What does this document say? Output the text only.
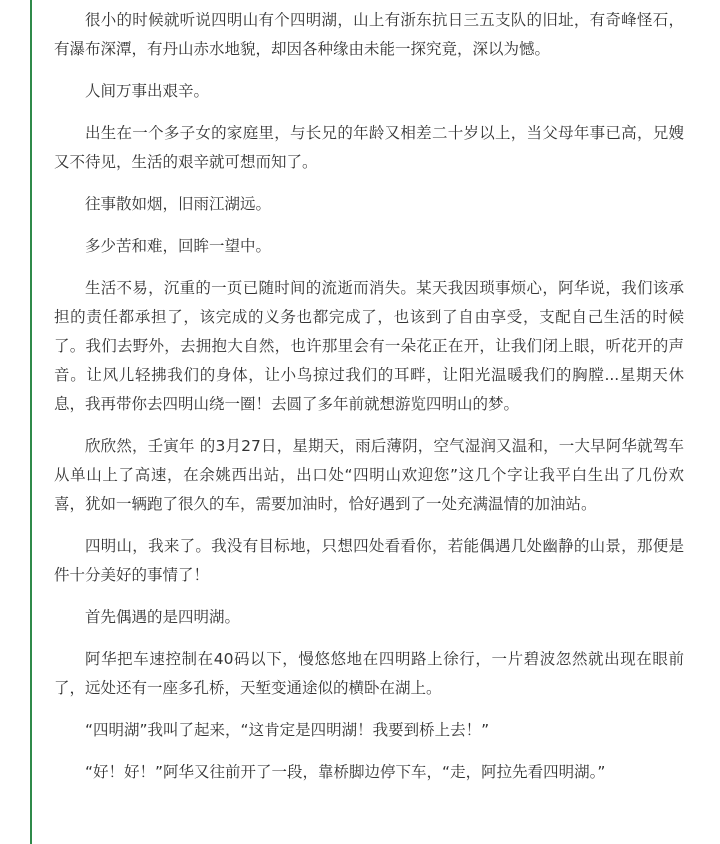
很小的时候就听说四明山有个四明湖，山上有浙东抗日三五支队的旧址，有奇峰怪石，有瀑布深潭，有丹山赤水地貌，却因各种缘由未能一探究竟，深以为憾。

人间万事出艰辛。

出生在一个多子女的家庭里，与长兄的年龄又相差二十岁以上，当父母年事已高，兄嫂又不待见，生活的艰辛就可想而知了。

往事散如烟，旧雨江湖远。

多少苦和难，回眸一望中。

生活不易，沉重的一页已随时间的流逝而消失。某天我因琐事烦心，阿华说，我们该承担的责任都承担了，该完成的义务也都完成了，也该到了自由享受，支配自己生活的时候了。我们去野外，去拥抱大自然，也许那里会有一朵花正在开，让我们闭上眼，听花开的声音。让风儿轻拂我们的身体，让小鸟掠过我们的耳畔，让阳光温暖我们的胸膛...星期天休息，我再带你去四明山绕一圈！去圆了多年前就想游览四明山的梦。

欣欣然，壬寅年 的3月27日，星期天，雨后薄阴，空气湿润又温和，一大早阿华就驾车从单山上了高速，在余姚西出站，出口处“四明山欢迎您”这几个字让我平白生出了几份欢喜，犹如一辆跑了很久的车，需要加油时，恰好遇到了一处充满温情的加油站。

四明山，我来了。我没有目标地，只想四处看看你，若能偶遇几处幽静的山景，那便是件十分美好的事情了！

首先偶遇的是四明湖。

阿华把车速控制在40码以下，慢悠悠地在四明路上徐行，一片碧波忽然就出现在眼前了，远处还有一座多孔桥，天堑变通途似的横卧在湖上。

“四明湖”我叫了起来，“这肯定是四明湖！我要到桥上去！”

“好！好！”阿华又往前开了一段，靠桥脚边停下车，“走，阿拉先看四明湖。”
